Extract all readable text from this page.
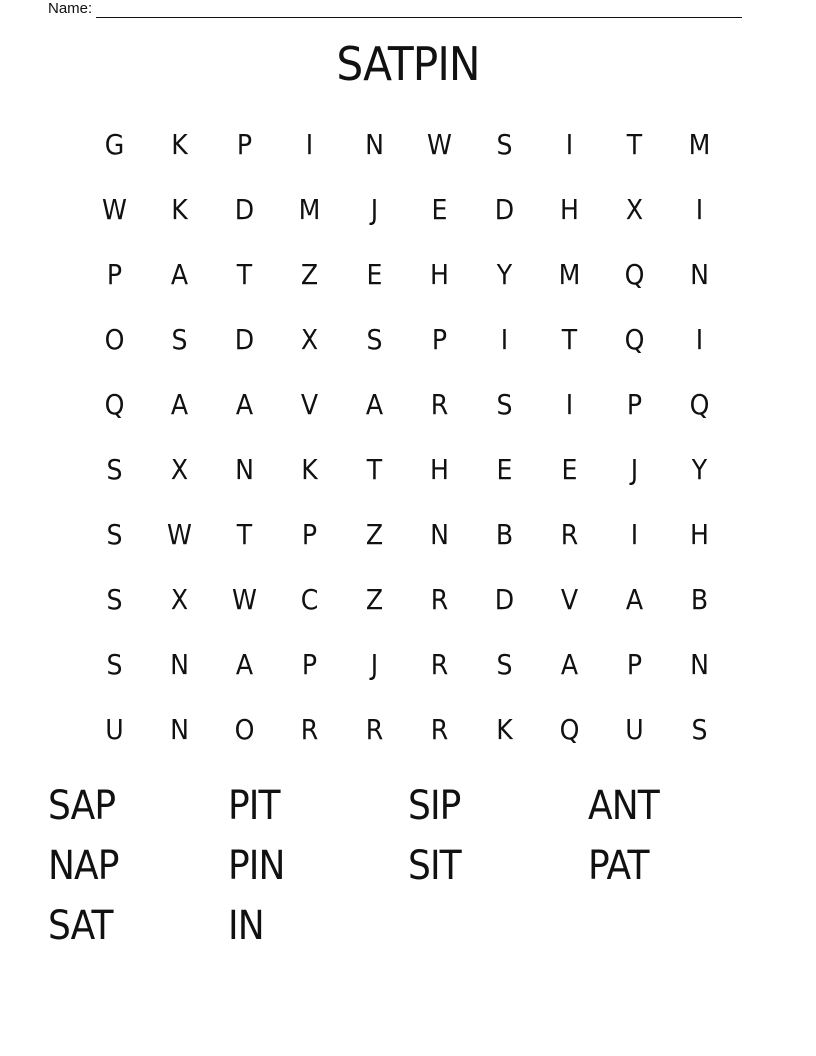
Name:
SATPIN
G	K	P	I	N	W	S	I	T	M
W	K	D	M	J	E	D	H	X	I
P	A	T	Z	E	H	Y	M	Q	N
O	S	D	X	S	P	I	T	Q	I
Q	A	A	V	A	R	S	I	P	Q
S	X	N	K	T	H	E	E	J	Y
S	W	T	P	Z	N	B	R	I	H
S	X	W	C	Z	R	D	V	A	B
S	N	A	P	J	R	S	A	P	N
U	N	O	R	R	R	K	Q	U	S
SAP	PIT	SIP	ANT
NAP	PIN	SIT	PAT
SAT	IN
